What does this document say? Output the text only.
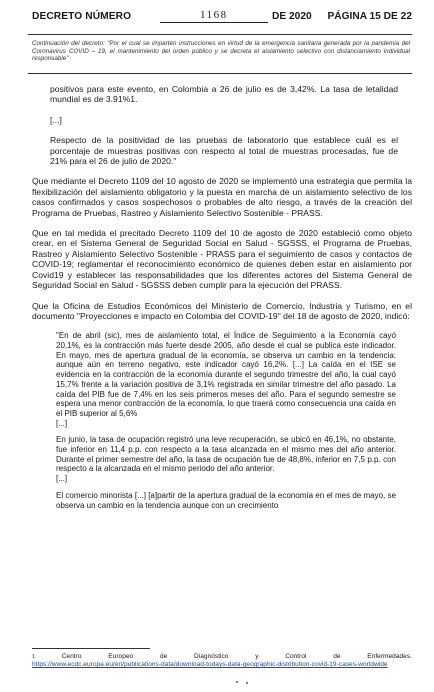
DECRETO NÚMERO	1168	DE 2020 PÁGINA 15 DE 22
Continuación del decreto: "Por el cual se imparten instrucciones en virtud de la emergencia sanitaria generada por la pandemia del Coronavirus COVID – 19, el mantenimiento del orden público y se decreta el aislamiento selectivo con distanciamiento individual responsable"

positivos para este evento, en Colombia a 26 de julio es de 3,42%. La tasa de letalidad mundial es de 3.91%1.

[...]

Respecto de la positividad de las pruebas de laboratorio que establece cuál es el porcentaje de muestras positivas con respecto al total de muestras procesadas, fue de 21% para el 26 de julio de 2020."

Que mediante el Decreto 1109 del 10 agosto de 2020 se implementó una estrategia que permita la flexibilización del aislamiento obligatorio y la puesta en marcha de un aislamiento selectivo de los casos confirmados y casos sospechosos o probables de alto riesgo, a través de la creación del Programa de Pruebas, Rastreo y Aislamiento Selectivo Sostenible - PRASS.

Que en tal medida el precitado Decreto 1109 del 10 de agosto de 2020 estableció como objeto crear, en el Sistema General de Seguridad Social en Salud - SGSSS, el Programa de Pruebas, Rastreo y Aislamiento Selectivo Sostenible - PRASS para el seguimiento de casos y contactos de COVID-19; reglamentar el reconocimiento económico de quienes deben estar en aislamiento por Covid19 y establecer las responsabilidades que los diferentes actores del Sistema General de Seguridad Social en Salud - SGSSS deben cumplir para la ejecución del PRASS.

Que la Oficina de Estudios Económicos del Ministerio de Comercio, Industria y Turismo, en el documento "Proyecciones e impacto en Colombia del COVID-19" del 18 de agosto de 2020, indicó:

"En de abril (sic), mes de aislamiento total, el Índice de Seguimiento a la Economía cayó 20,1%, es la contracción más fuerte desde 2005, año desde el cual se publica este indicador. En mayo, mes de apertura gradual de la economía, se observa un cambio en la tendencia: aunque aún en terreno negativo, este indicador cayó 16,2%. [...] La caída en el ISE se evidencia en la contracción de la economía durante el segundo trimestre del año, la cual cayó 15,7% frente a la variación positiva de 3,1% registrada en similar trimestre del año pasado. La caída del PIB fue de 7,4% en los seis primeros meses del año. Para el segundo semestre se espera una menor contracción de la economía, lo que traerá como consecuencia una caída en el PIB superior al 5,6%

[...]

En junio, la tasa de ocupación registró una leve recuperación, se ubicó en 46,1%, no obstante, fue inferior en 11,4 p.p. con respecto a la tasa alcanzada en el mismo mes del año anterior. Durante el primer semestre del año, la tasa de ocupación fue de 48,8%, inferior en 7,5 p.p. con respecto a la alcanzada en el mismo periodo del año anterior.

[...]

El comercio minorista [...] [a]partir de la apertura gradual de la economía en el mes de mayo, se observa un cambio en la tendencia aunque con un crecimiento

1	Centro	Europeo	de	Diagnóstico	y	Control	de	Enfermedades.
https://www.ecdc.europa.eu/en/publications-data/download-todays-data-geographic-distribution-covid-19-cases-worldwide
